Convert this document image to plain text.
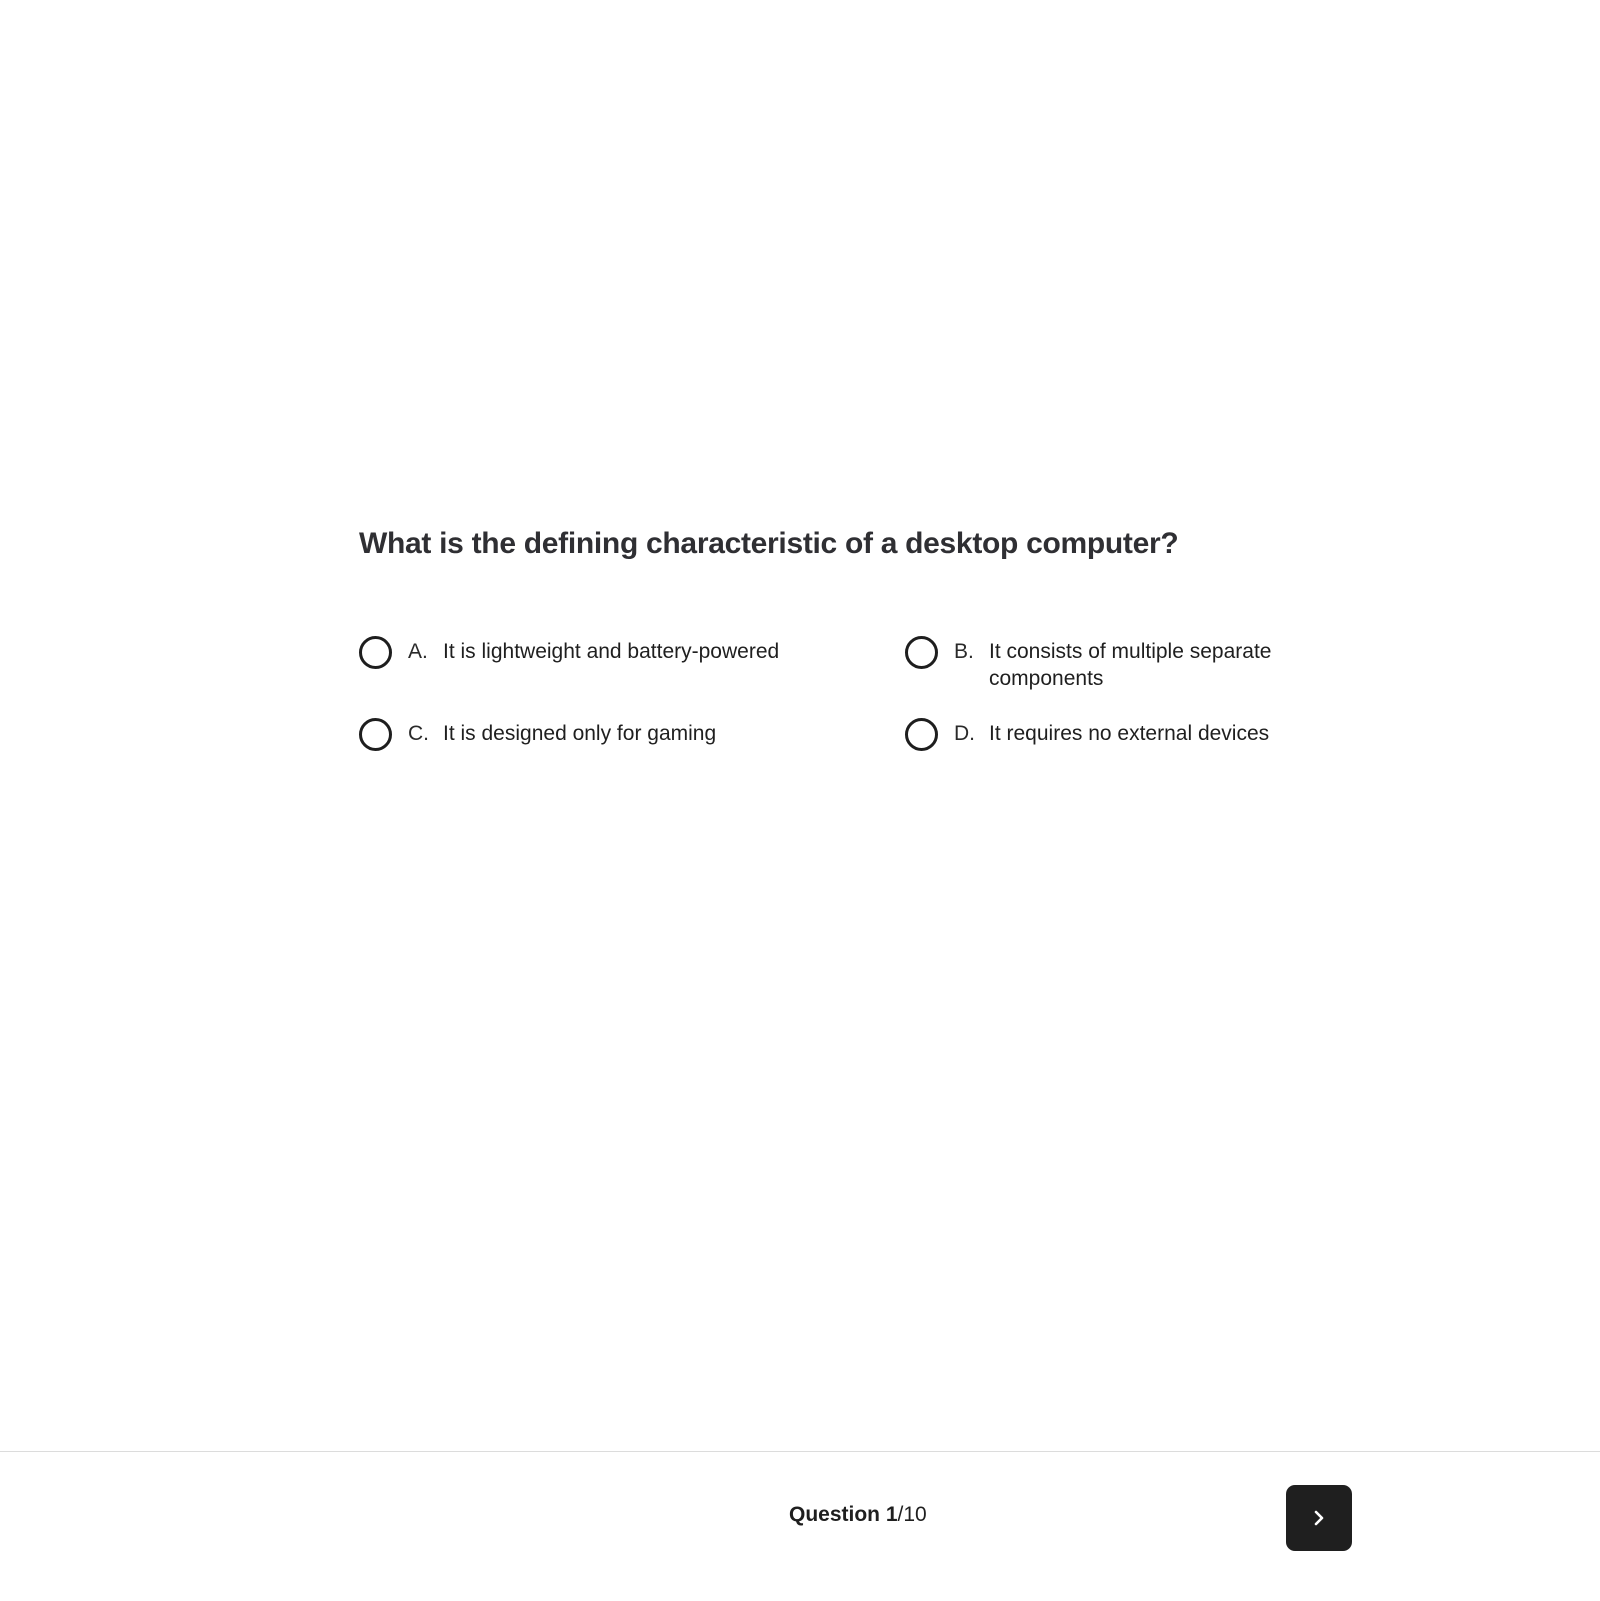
What is the defining characteristic of a desktop computer?
A. It is lightweight and battery-powered	B. It consists of multiple separate components
C. It is designed only for gaming	D. It requires no external devices
Question 1/10
